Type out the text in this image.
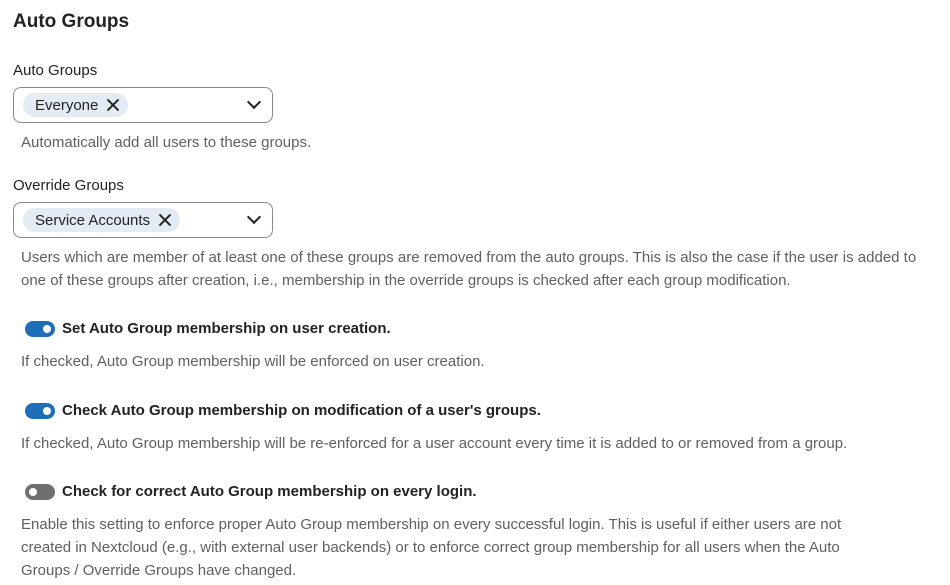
Auto Groups
Auto Groups
Everyone
Automatically add all users to these groups.
Override Groups
Service Accounts
Users which are member of at least one of these groups are removed from the auto groups. This is also the case if the user is added to one of these groups after creation, i.e., membership in the override groups is checked after each group modification.
Set Auto Group membership on user creation.
If checked, Auto Group membership will be enforced on user creation.
Check Auto Group membership on modification of a user's groups.
If checked, Auto Group membership will be re-enforced for a user account every time it is added to or removed from a group.
Check for correct Auto Group membership on every login.
Enable this setting to enforce proper Auto Group membership on every successful login. This is useful if either users are not created in Nextcloud (e.g., with external user backends) or to enforce correct group membership for all users when the Auto Groups / Override Groups have changed.
